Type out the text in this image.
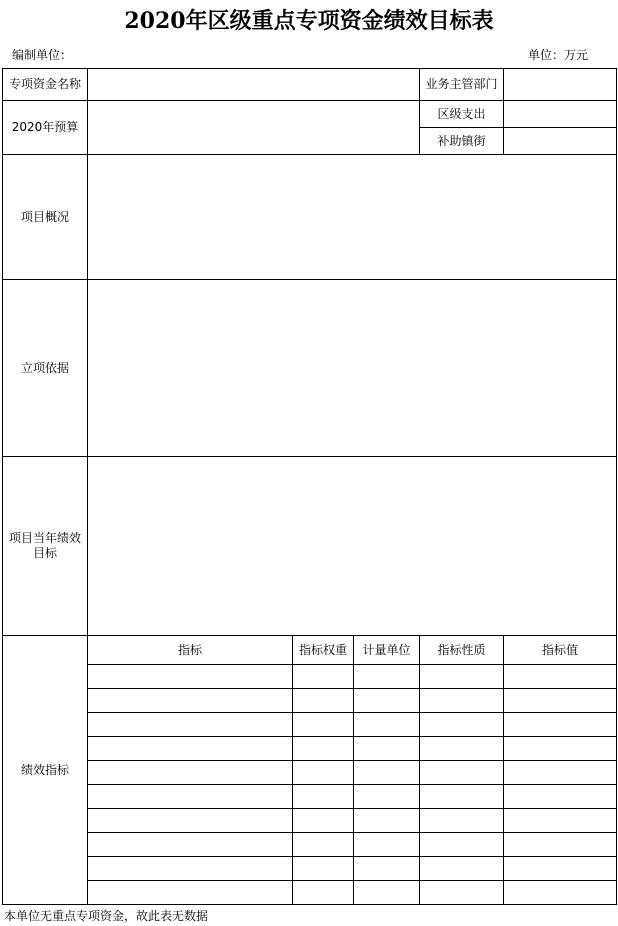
2020年区级重点专项资金绩效目标表
编制单位：	单位：万元
专项资金名称				业务主管部门	
2020年预算				区级支出	
				补助镇街	
项目概况					
立项依据					
项目当年绩效目标					
绩效指标	指标	指标权重	计量单位	指标性质	指标值

本单位无重点专项资金，故此表无数据
